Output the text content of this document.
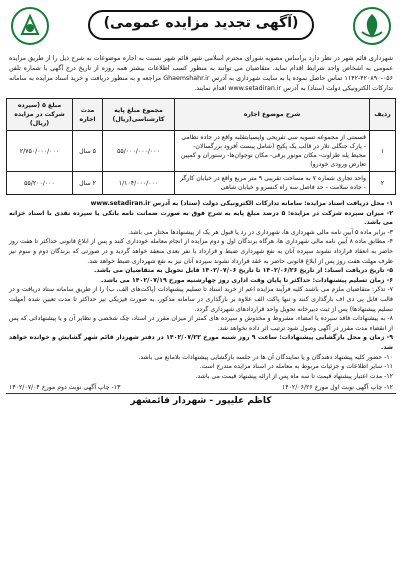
(آگهی تجدید مزایده عمومی)

شهرداری قائم شهر در نظر دارد براساس مصوبه شورای محترم اسلامی شهر قائم شهر نسبت به اجاره موضوعات به شرح ذیل را از طریق مزایده عمومی به اشخاص واجد شرایط اقدام نماید. متقاضیان می توانند به منظور کسب اطلاعات بیشتر همه روزه از تاریخ درج آگهی با شماره تلفن ۰۵۶-۴۲۰۸۹۰-۱۱۴۲ تماس حاصل نموده یا به سایت شهرداری به آدرس Ghaemshahr.ir مراجعه و به منظور دریافت و خرید اسناد مزایده به سامانه تدارکات الکترونیکی دولت (ستاد) به آدرس www.setadiran.ir اقدام نمایند.

ردیف	شرح موضوع اجاره	مجموع مبلغ پایه کارشناسی(ریال)	مدت اجاره	مبلغ ۵ (سپرده شرکت در مزایده (ریال)
۱	قسمتی از مجموعه تسویه سی تفریحی واپسیابتقلبه واقع در جاده نظامی - پارک جنگلی تلار در قالب یک پکیج (شامل پیست آفرود بزرگسالان- محیط پله طراوت- مکان موتور برقی- مکان نوجوان‌ها- رستوران و کمپین تعارض ورودی خودرو)	۵۵/۰۰۰/۰۰۰/۰۰۰	۵ سال	۲/۷۵۰/۰۰۰/۰۰۰
۲	واحد تجاری شماره ۷ به مساحت تقریبی ۹ متر مربع واقع در خیابان کارگر - جاده سلامت - حد فاصل سه راه کنسرو و خیابان شاهی	۱/۱۰۴/۰۰۰/۰۰۰	۲ سال	۵۵/۲۰۰/۰۰۰

۱- محل دریافت اسناد مزایده: سامانه تدارکات الکترونیکی دولت (ستاد) به آدرس www.setadiran.ir

۲- میزان سپرده شرکت در مزایده: ۵ درصد مبلغ پایه به شرح فوق به صورت ضمانت نامه بانکی یا سپرده نقدی با اسناد خزانه می باشد.

۳- برابر ماده ۵ آیین نامه مالی شهرداری ها، شهرداری در رد یا قبول هر یک از پیشنهادها مختار می باشد.

۴- مطابق ماده ۸ آیین نامه مالی شهرداری ها، هرگاه برندگان اول و دوم مزایده از انجام معامله خودداری کنند و پس از ابلاغ قانونی حداکثر تا هفت روز حاضر به انعقاد قرارداد نشوند سپرده آنان به نفع شهرداری ضبط و قرارداد با نفر بعدی منعقد خواهد گردید و در صورتی که برندگان دوم و سوم نیز ظرف مهلت هفت روز پس از ابلاغ قانونی حاضر به عقد قرارداد نشوند سپرده آنان نیز به نفع شهرداری ضبط خواهد شد.

۵- تاریخ دریافت اسناد: از تاریخ ۱۴۰۲/۰۶/۲۶ تا تاریخ ۱۴۰۲/۰۷/۰۶ قابل تحویل به متقاضیان می باشد.

۶- زمان تسلیم پیشنهادات: حداکثر تا پایان وقت اداری روز چهارشنبه مورخ ۱۴۰۲/۰۷/۱۹ می باشد.

۷- تذکر: متقاضیان ملزم می باشند کلیه فرآیند مزایده اعم از خرید اسناد تا تسلیم پیشنهادات (پاکت‌های الف، ب) را از طریق سامانه ستاد دریافت و در قالب فایل پی دی اف بارگذاری کنند و تنها پاکت الف علاوه بر بارگذاری در سامانه مذکور، به صورت فیزیکی نیز حداکثر تا مدت تعیین شده (مهلت تسلیم پیشنهادها) پس از ثبت دبیرخانه تحویل واحد قراردادهای شهرداری گردد.

۸- به پیشنهادات فاقد سپرده یا امضاء، مشروط و مخدوش و سپرده های کمتر از میزان مقرر در اسناد، چک شخصی و نظایر آن و یا پیشنهاداتی که پس از انقضاء مدت مقرر در آگهی وصول شود ترتیب اثر داده نخواهد شد.

۹- زمان و محل بازگشایی پیشنهادات: ساعت ۹ روز شنبه مورخ ۱۴۰۲/۰۷/۲۲ در دفتر شهردار قائم شهر گشایش و خوانده خواهد شد.

۱۰- حضور کلیه پیشنهاد دهندگان و یا نمایندگان آن ها در جلسه بازگشایی پیشنهادات بلامانع می باشد.

۱۱- سایر اطلاعات و جزئیات مربوط به معامله در اسناد مزایده مندرج است.

۱۲- مدت اعتبار پیشنهاد قیمت تا سه ماه پس از ارائه پیشنهاد قیمت می باشد.

۱۲- چاپ آگهی نوبت اول مورخ ۱۴۰۲/۰۶/۲۶
۱۳- چاپ آگهی نوبت دوم مورخ ۱۴۰۲/۰۷/۰۴
کاظم علیپور - شهردار قائمشهر
